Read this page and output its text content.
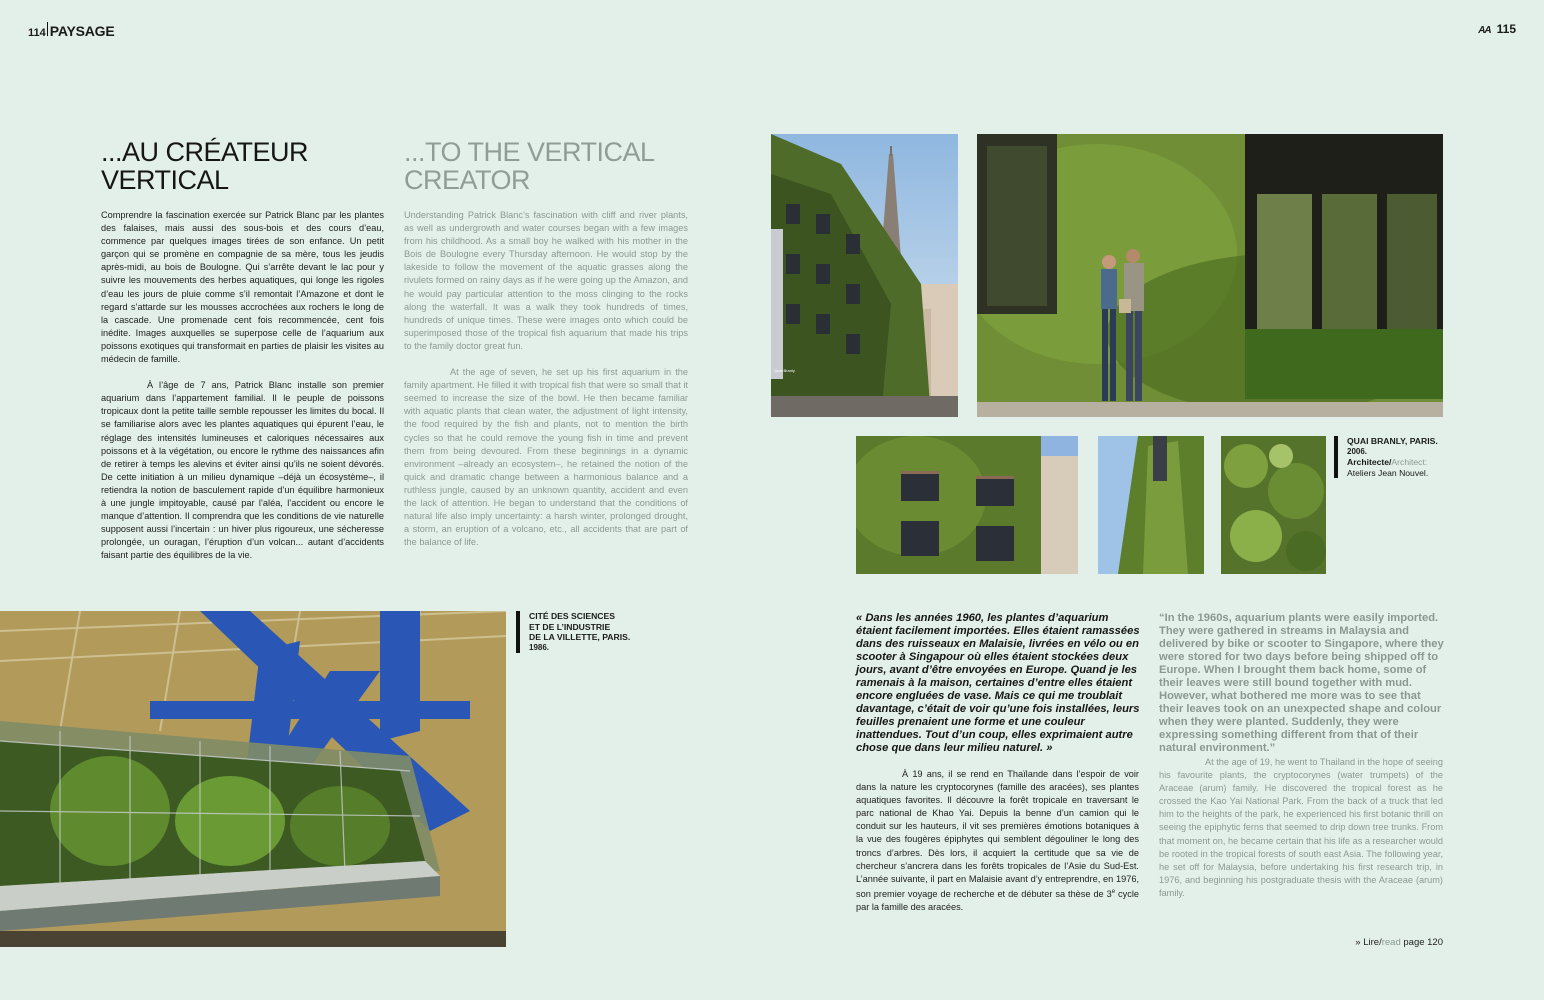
114 PAYSAGE	AA 115
...AU CRÉATEUR
VERTICAL
...TO THE VERTICAL
CREATOR

Comprendre la fascination exercée sur Patrick Blanc par les plantes des falaises, mais aussi des sous-bois et des cours d’eau, commence par quelques images tirées de son enfance. Un petit garçon qui se promène en compagnie de sa mère, tous les jeudis après-midi, au bois de Boulogne. Qui s’arrête devant le lac pour y suivre les mouvements des herbes aquatiques, qui longe les rigoles d’eau les jours de pluie comme s’il remontait l’Amazone et dont le regard s’attarde sur les mousses accrochées aux rochers le long de la cascade. Une promenade cent fois recommencée, cent fois inédite. Images auxquelles se superpose celle de l’aquarium aux poissons exotiques qui transformait en parties de plaisir les visites au médecin de famille.

À l’âge de 7 ans, Patrick Blanc installe son premier aquarium dans l’appartement familial. Il le peuple de poissons tropicaux dont la petite taille semble repousser les limites du bocal. Il se familiarise alors avec les plantes aquatiques qui épurent l’eau, le réglage des intensités lumineuses et caloriques nécessaires aux poissons et à la végétation, ou encore le rythme des naissances afin de retirer à temps les alevins et éviter ainsi qu’ils ne soient dévorés. De cette initiation à un milieu dynamique –déjà un écosystème–, il retiendra la notion de basculement rapide d’un équilibre harmonieux à une jungle impitoyable, causé par l’aléa, l’accident ou encore le manque d’attention. Il comprendra que les conditions de vie naturelle supposent aussi l’incertain : un hiver plus rigoureux, une sécheresse prolongée, un ouragan, l’éruption d’un volcan... autant d’accidents faisant partie des équilibres de la vie.

Understanding Patrick Blanc’s fascination with cliff and river plants, as well as undergrowth and water courses began with a few images from his childhood. As a small boy he walked with his mother in the Bois de Boulogne every Thursday afternoon. He would stop by the lakeside to follow the movement of the aquatic grasses along the rivulets formed on rainy days as if he were going up the Amazon, and he would pay particular attention to the moss clinging to the rocks along the waterfall. It was a walk they took hundreds of times, hundreds of unique times. These were images onto which could be superimposed those of the tropical fish aquarium that made his trips to the family doctor great fun.

At the age of seven, he set up his first aquarium in the family apartment. He filled it with tropical fish that were so small that it seemed to increase the size of the bowl. He then became familiar with aquatic plants that clean water, the adjustment of light intensity, the food required by the fish and plants, not to mention the birth cycles so that he could remove the young fish in time and prevent them from being devoured. From these beginnings in a dynamic environment –already an ecosystem–, he retained the notion of the quick and dramatic change between a harmonious balance and a ruthless jungle, caused by an unknown quantity, accident and even the lack of attention. He began to understand that the conditions of natural life also imply uncertainty: a harsh winter, prolonged drought, a storm, an eruption of a volcano, etc., all accidents that are part of the balance of life.

Quai Branly
QUAI BRANLY, PARIS.
2006.
Architecte/Architect:
Ateliers Jean Nouvel.
CITÉ DES SCIENCES
ET DE L’INDUSTRIE
DE LA VILLETTE, PARIS.
1986.
« Dans les années 1960, les plantes d’aquarium étaient facilement importées. Elles étaient ramassées dans des ruisseaux en Malaisie, livrées en vélo ou en scooter à Singapour où elles étaient stockées deux jours, avant d’être envoyées en Europe. Quand je les ramenais à la maison, certaines d’entre elles étaient encore engluées de vase. Mais ce qui me troublait davantage, c’était de voir qu’une fois installées, leurs feuilles prenaient une forme et une couleur inattendues. Tout d’un coup, elles exprimaient autre chose que dans leur milieu naturel. »
“In the 1960s, aquarium plants were easily imported. They were gathered in streams in Malaysia and delivered by bike or scooter to Singapore, where they were stored for two days before being shipped off to Europe. When I brought them back home, some of their leaves were still bound together with mud. However, what bothered me more was to see that their leaves took on an unexpected shape and colour when they were planted. Suddenly, they were expressing something different from that of their natural environment.”

À 19 ans, il se rend en Thaïlande dans l’espoir de voir dans la nature les cryptocorynes (famille des aracées), ses plantes aquatiques favorites. Il découvre la forêt tropicale en traversant le parc national de Khao Yai. Depuis la benne d’un camion qui le conduit sur les hauteurs, il vit ses premières émotions botaniques à la vue des fougères épiphytes qui semblent dégouliner le long des troncs d’arbres. Dès lors, il acquiert la certitude que sa vie de chercheur s’ancrera dans les forêts tropicales de l’Asie du Sud-Est. L’année suivante, il part en Malaisie avant d’y entreprendre, en 1976, son premier voyage de recherche et de débuter sa thèse de 3e cycle par la famille des aracées.

At the age of 19, he went to Thailand in the hope of seeing his favourite plants, the cryptocorynes (water trumpets) of the Araceae (arum) family. He discovered the tropical forest as he crossed the Kao Yai National Park. From the back of a truck that led him to the heights of the park, he experienced his first botanic thrill on seeing the epiphytic ferns that seemed to drip down tree trunks. From that moment on, he became certain that his life as a researcher would be rooted in the tropical forests of south east Asia. The following year, he set off for Malaysia, before undertaking his first research trip, in 1976, and beginning his postgraduate thesis with the Araceae (arum) family.

» Lire/read page 120
